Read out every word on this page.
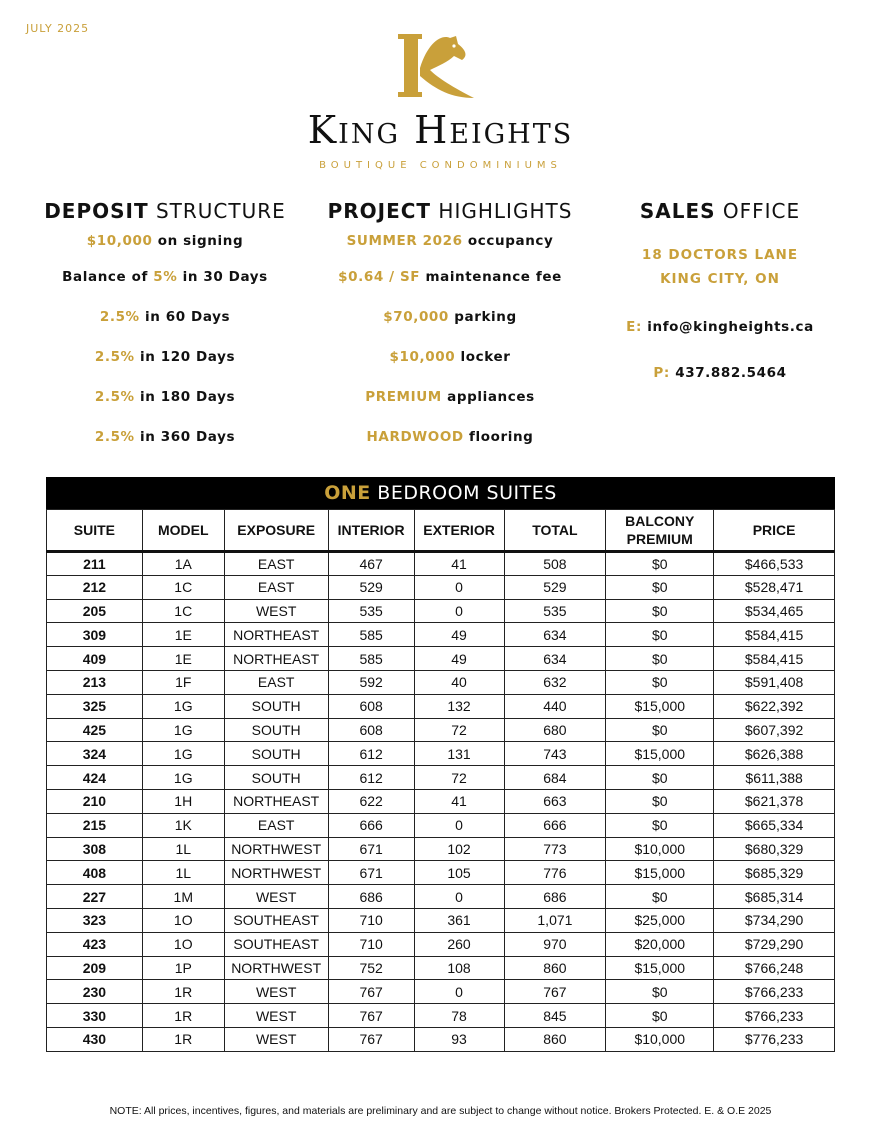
JULY 2025
King Heights
BOUTIQUE CONDOMINIUMS
DEPOSIT STRUCTURE
$10,000 on signing
Balance of 5% in 30 Days
2.5% in 60 Days
2.5% in 120 Days
2.5% in 180 Days
2.5% in 360 Days
PROJECT HIGHLIGHTS
SUMMER 2026 occupancy
$0.64 / SF maintenance fee
$70,000 parking
$10,000 locker
PREMIUM appliances
HARDWOOD flooring
SALES OFFICE
18 DOCTORS LANE
KING CITY, ON
E: info@kingheights.ca
P: 437.882.5464
ONE BEDROOM SUITES
SUITE	MODEL	EXPOSURE	INTERIOR	EXTERIOR	TOTAL	BALCONY PREMIUM	PRICE
211	1A	EAST	467	41	508	$0	$466,533
212	1C	EAST	529	0	529	$0	$528,471
205	1C	WEST	535	0	535	$0	$534,465
309	1E	NORTHEAST	585	49	634	$0	$584,415
409	1E	NORTHEAST	585	49	634	$0	$584,415
213	1F	EAST	592	40	632	$0	$591,408
325	1G	SOUTH	608	132	440	$15,000	$622,392
425	1G	SOUTH	608	72	680	$0	$607,392
324	1G	SOUTH	612	131	743	$15,000	$626,388
424	1G	SOUTH	612	72	684	$0	$611,388
210	1H	NORTHEAST	622	41	663	$0	$621,378
215	1K	EAST	666	0	666	$0	$665,334
308	1L	NORTHWEST	671	102	773	$10,000	$680,329
408	1L	NORTHWEST	671	105	776	$15,000	$685,329
227	1M	WEST	686	0	686	$0	$685,314
323	1O	SOUTHEAST	710	361	1,071	$25,000	$734,290
423	1O	SOUTHEAST	710	260	970	$20,000	$729,290
209	1P	NORTHWEST	752	108	860	$15,000	$766,248
230	1R	WEST	767	0	767	$0	$766,233
330	1R	WEST	767	78	845	$0	$766,233
430	1R	WEST	767	93	860	$10,000	$776,233
NOTE: All prices, incentives, figures, and materials are preliminary and are subject to change without notice. Brokers Protected. E. & O.E 2025
